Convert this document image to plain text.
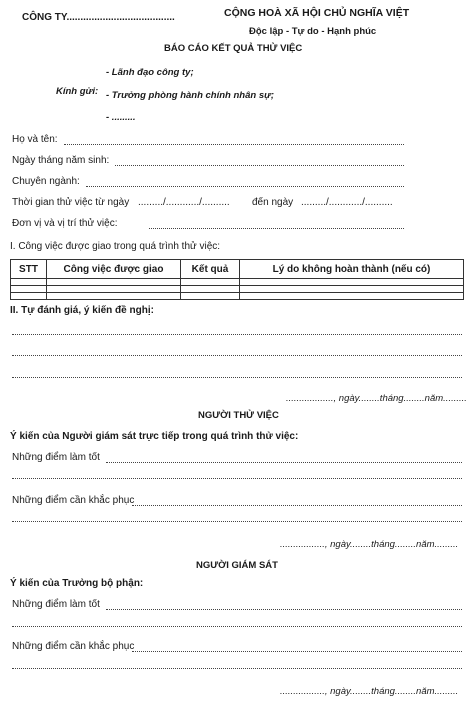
CÔNG TY.......................................	CỘNG HOÀ XÃ HỘI CHỦ NGHĨA VIỆT
Độc lập - Tự do - Hạnh phúc
BÁO CÁO KẾT QUẢ THỬ VIỆC
Kính gửi:
- Lãnh đạo công ty;
- Trưởng phòng hành chính nhân sự;
- .........
Họ và tên:
Ngày tháng năm sinh:
Chuyên ngành:
Thời gian thử việc từ ngày ........./............/.......... đến ngày ........./............/..........
Đơn vị và vị trí thử việc:
I. Công việc được giao trong quá trình thử việc:
STT	Công việc được giao	Kết quả	Lý do không hoàn thành (nếu có)

II. Tự đánh giá, ý kiến đề nghị:
.................., ngày........tháng........năm.........
NGƯỜI THỬ VIỆC
Ý kiến của Người giám sát trực tiếp trong quá trình thử việc:
Những điểm làm tốt
Những điểm cần khắc phục
................., ngày........tháng........năm.........
NGƯỜI GIÁM SÁT
Ý kiến của Trưởng bộ phận:
Những điểm làm tốt
Những điểm cần khắc phục
................., ngày........tháng........năm.........
